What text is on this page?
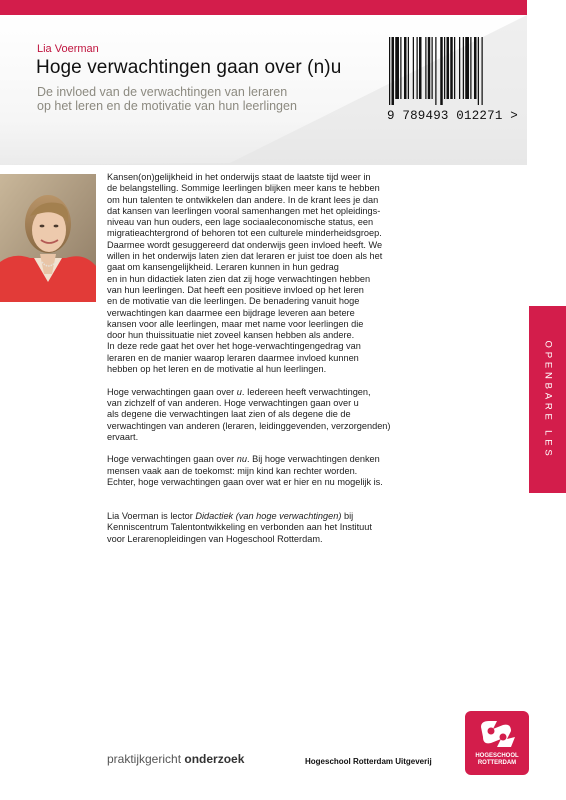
Lia Voerman
Hoge verwachtingen gaan over (n)u
De invloed van de verwachtingen van leraren
op het leren en de motivatie van hun leerlingen
9 789493 012271 >
Kansen(on)gelijkheid in het onderwijs staat de laatste tijd weer in
de belangstelling. Sommige leerlingen blijken meer kans te hebben
om hun talenten te ontwikkelen dan andere. In de krant lees je dan
dat kansen van leerlingen vooral samenhangen met het opleidings-
niveau van hun ouders, een lage sociaaleconomische status, een
migratieachtergrond of behoren tot een culturele minderheidsgroep.
Daarmee wordt gesuggereerd dat onderwijs geen invloed heeft. We
willen in het onderwijs laten zien dat leraren er juist toe doen als het
gaat om kansengelijkheid. Leraren kunnen in hun gedrag
en in hun didactiek laten zien dat zij hoge verwachtingen hebben
van hun leerlingen. Dat heeft een positieve invloed op het leren
en de motivatie van die leerlingen. De benadering vanuit hoge
verwachtingen kan daarmee een bijdrage leveren aan betere
kansen voor alle leerlingen, maar met name voor leerlingen die
door hun thuissituatie niet zoveel kansen hebben als andere.
In deze rede gaat het over het hoge-verwachtingengedrag van
leraren en de manier waarop leraren daarmee invloed kunnen
hebben op het leren en de motivatie al hun leerlingen.
Hoge verwachtingen gaan over u. Iedereen heeft verwachtingen,
van zichzelf of van anderen. Hoge verwachtingen gaan over u
als degene die verwachtingen laat zien of als degene die de
verwachtingen van anderen (leraren, leidinggevenden, verzorgenden)
ervaart.
Hoge verwachtingen gaan over nu. Bij hoge verwachtingen denken
mensen vaak aan de toekomst: mijn kind kan rechter worden.
Echter, hoge verwachtingen gaan over wat er hier en nu mogelijk is.
Lia Voerman is lector Didactiek (van hoge verwachtingen) bij
Kenniscentrum Talentontwikkeling en verbonden aan het Instituut
voor Lerarenopleidingen van Hogeschool Rotterdam.
OPENBARE LES
HOGESCHOOL
ROTTERDAM
praktijkgericht onderzoek	Hogeschool Rotterdam Uitgeverij
